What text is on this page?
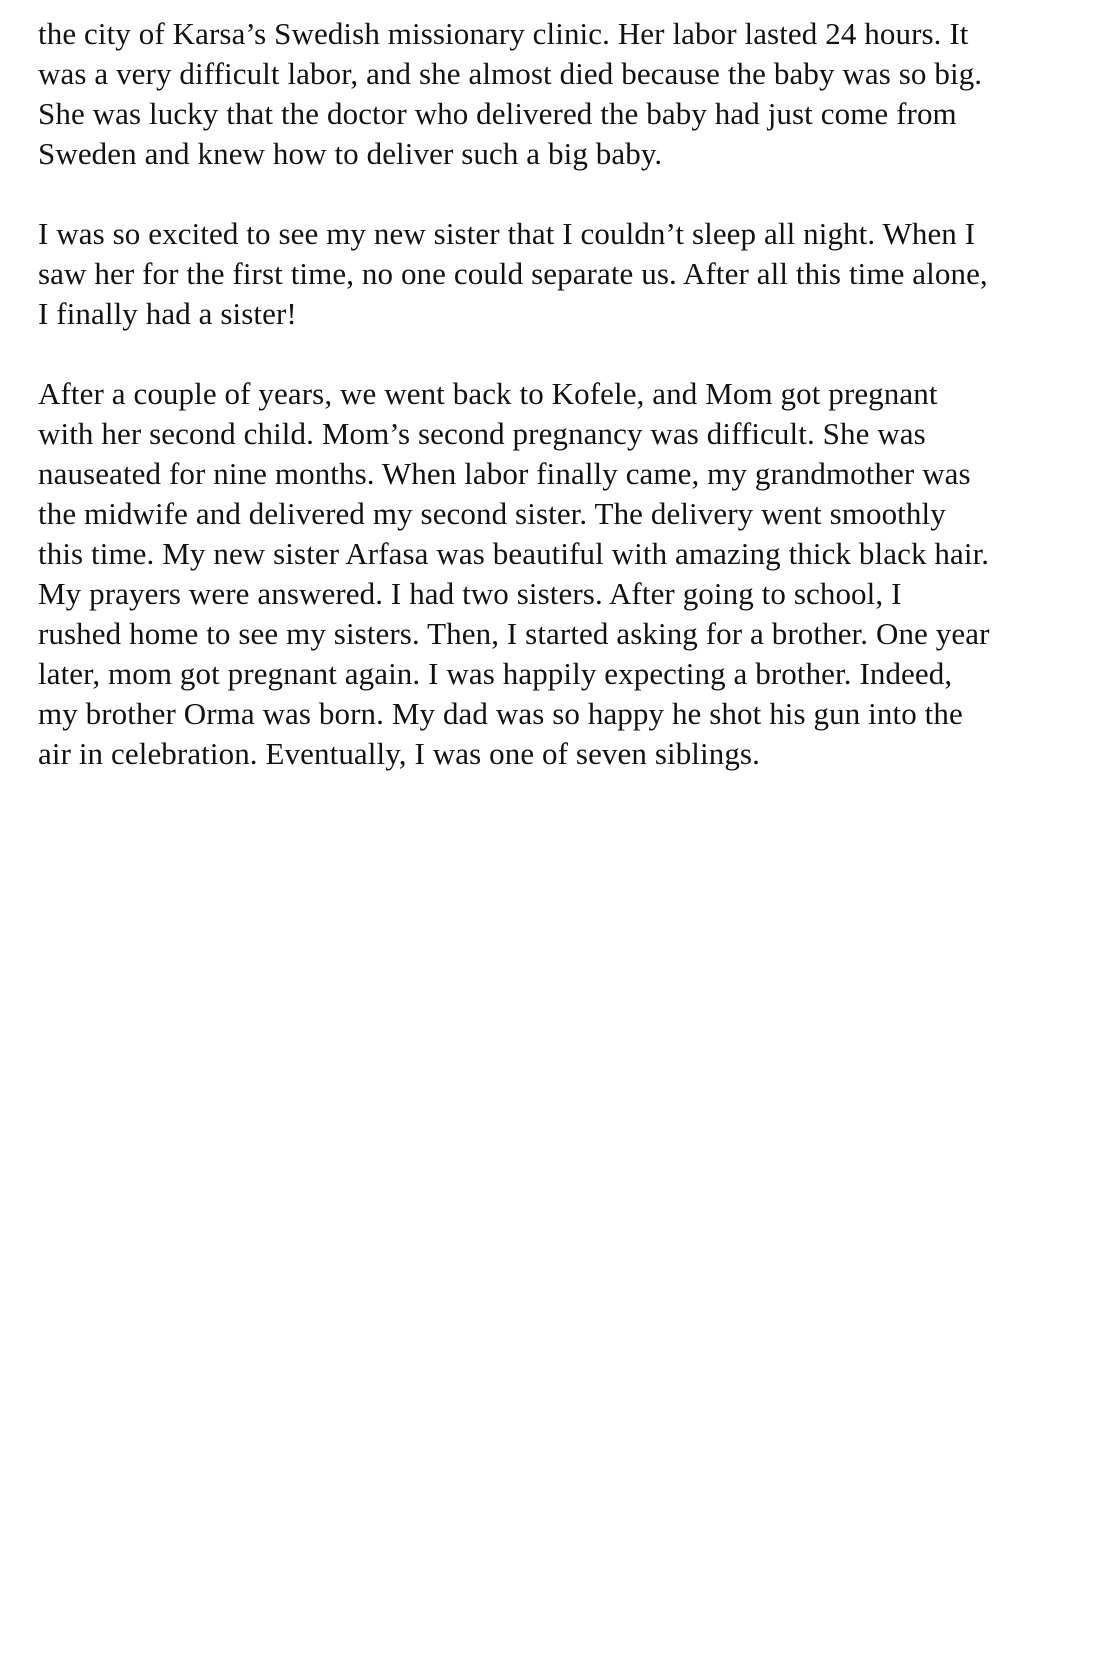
the city of Karsa’s Swedish missionary clinic. Her labor lasted 24 hours. It
was a very difficult labor, and she almost died because the baby was so big.
She was lucky that the doctor who delivered the baby had just come from
Sweden and knew how to deliver such a big baby.
I was so excited to see my new sister that I couldn’t sleep all night. When I
saw her for the first time, no one could separate us. After all this time alone,
I finally had a sister!
After a couple of years, we went back to Kofele, and Mom got pregnant
with her second child. Mom’s second pregnancy was difficult. She was
nauseated for nine months. When labor finally came, my grandmother was
the midwife and delivered my second sister. The delivery went smoothly
this time. My new sister Arfasa was beautiful with amazing thick black hair.
My prayers were answered. I had two sisters. After going to school, I
rushed home to see my sisters. Then, I started asking for a brother. One year
later, mom got pregnant again. I was happily expecting a brother. Indeed,
my brother Orma was born. My dad was so happy he shot his gun into the
air in celebration. Eventually, I was one of seven siblings.
